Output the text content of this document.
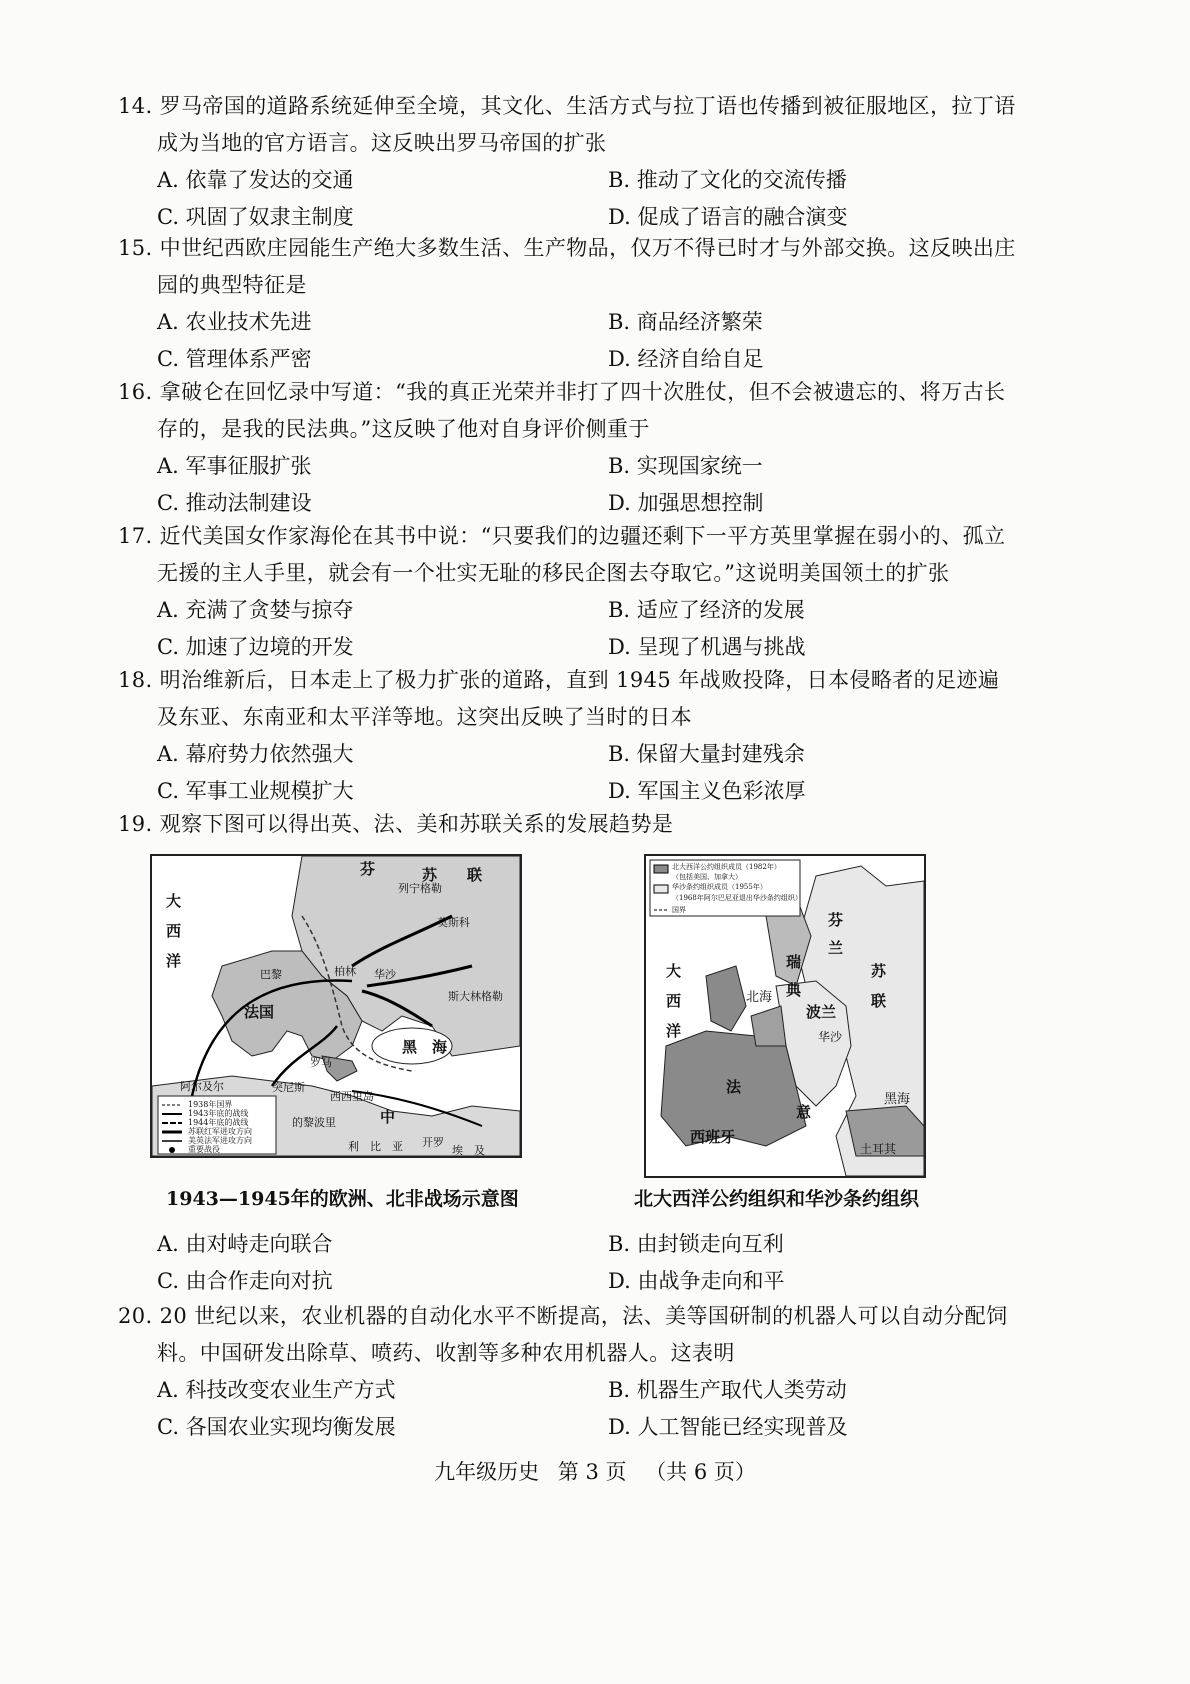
14. 罗马帝国的道路系统延伸至全境，其文化、生活方式与拉丁语也传播到被征服地区，拉丁语成为当地的官方语言。这反映出罗马帝国的扩张
A. 依靠了发达的交通	B. 推动了文化的交流传播
C. 巩固了奴隶主制度	D. 促成了语言的融合演变
15. 中世纪西欧庄园能生产绝大多数生活、生产物品，仅万不得已时才与外部交换。这反映出庄园的典型特征是
A. 农业技术先进	B. 商品经济繁荣
C. 管理体系严密	D. 经济自给自足
16. 拿破仑在回忆录中写道：“我的真正光荣并非打了四十次胜仗，但不会被遗忘的、将万古长存的，是我的民法典。”这反映了他对自身评价侧重于
A. 军事征服扩张	B. 实现国家统一
C. 推动法制建设	D. 加强思想控制
17. 近代美国女作家海伦在其书中说：“只要我们的边疆还剩下一平方英里掌握在弱小的、孤立无援的主人手里，就会有一个壮实无耻的移民企图去夺取它。”这说明美国领土的扩张
A. 充满了贪婪与掠夺	B. 适应了经济的发展
C. 加速了边境的开发	D. 呈现了机遇与挑战
18. 明治维新后，日本走上了极力扩张的道路，直到 1945 年战败投降，日本侵略者的足迹遍及东亚、东南亚和太平洋等地。这突出反映了当时的日本
A. 幕府势力依然强大	B. 保留大量封建残余
C. 军事工业规模扩大	D. 军国主义色彩浓厚
19. 观察下图可以得出英、法、美和苏联关系的发展趋势是
大
西
洋
苏　　联
芬
列宁格勒
莫斯科
斯大林格勒
柏林 华沙
巴黎
法国
罗马
黑　海
阿尔及尔	突尼斯
西西里岛
的黎波里	中
利　比　亚 开罗
埃　及
1938年国界
1943年底的战线
1944年底的战线
苏联红军进攻方向
美英法军进攻方向
重要战役
1943—1945年的欧洲、北非战场示意图
北大西洋公约组织成员（1982年）
（包括美国、加拿大）
华沙条约组织成员（1955年）
（1968年阿尔巴尼亚退出华沙条约组织）
国界
大
西
洋
芬
兰
瑞
典
苏
联
北海
波兰
华沙
法
意
西班牙
黑海
土耳其
北大西洋公约组织和华沙条约组织
A. 由对峙走向联合	B. 由封锁走向互利
C. 由合作走向对抗	D. 由战争走向和平
20. 20 世纪以来，农业机器的自动化水平不断提高，法、美等国研制的机器人可以自动分配饲料。中国研发出除草、喷药、收割等多种农用机器人。这表明
A. 科技改变农业生产方式	B. 机器生产取代人类劳动
C. 各国农业实现均衡发展	D. 人工智能已经实现普及
九年级历史 第 3 页 （共 6 页）
